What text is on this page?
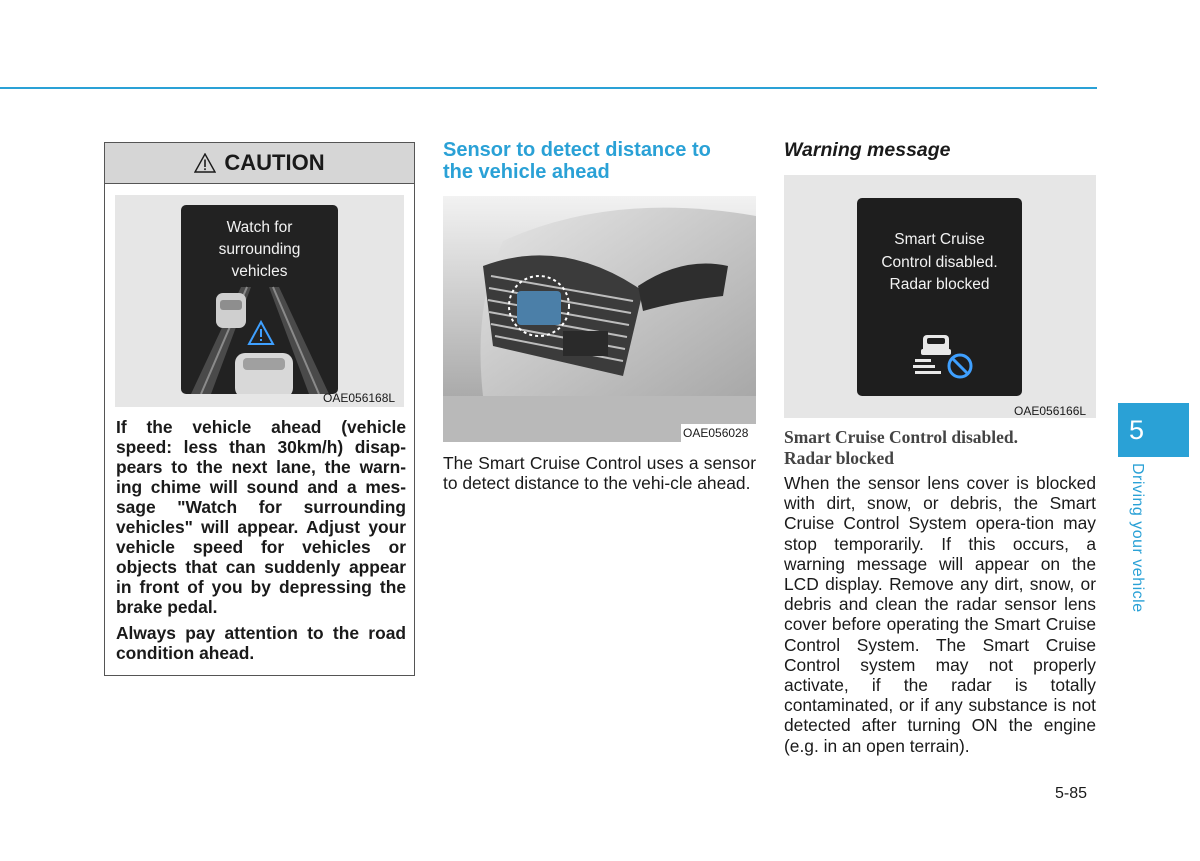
CAUTION
Watch for
surrounding
vehicles
OAE056168L

If the vehicle ahead (vehicle speed: less than 30km/h) disap-pears to the next lane, the warn-ing chime will sound and a mes-sage "Watch for surrounding vehicles" will appear. Adjust your vehicle speed for vehicles or objects that can suddenly appear in front of you by depressing the brake pedal.

Always pay attention to the road condition ahead.

Sensor to detect distance to
the vehicle ahead
OAE056028
The Smart Cruise Control uses a sensor to detect distance to the vehi-cle ahead.
Warning message
Smart Cruise
Control disabled.
Radar blocked
OAE056166L
Smart Cruise Control disabled.
Radar blocked
When the sensor lens cover is blocked with dirt, snow, or debris, the Smart Cruise Control System opera-tion may stop temporarily. If this occurs, a warning message will appear on the LCD display. Remove any dirt, snow, or debris and clean the radar sensor lens cover before operating the Smart Cruise Control System. The Smart Cruise Control system may not properly activate, if the radar is totally contaminated, or if any substance is not detected after turning ON the engine (e.g. in an open terrain).
5
Driving your vehicle
5-85
